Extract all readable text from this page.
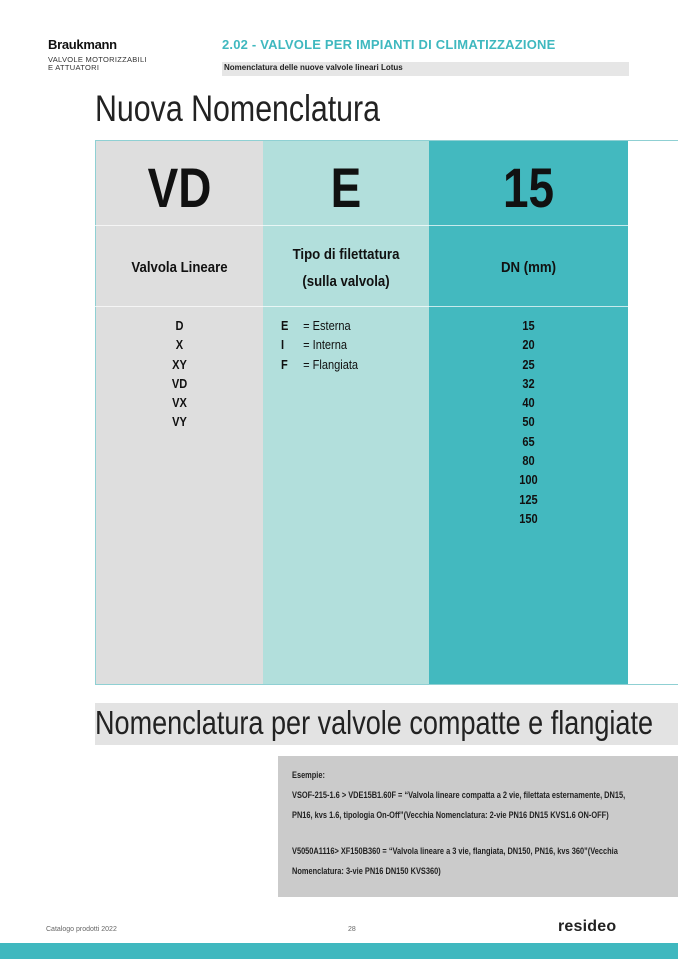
Braukmann
VALVOLE MOTORIZZABILI
E ATTUATORI
2.02 - VALVOLE PER IMPIANTI DI CLIMATIZZAZIONE
Nomenclatura delle nuove valvole lineari Lotus
Nuova Nomenclatura
VD
Valvola Lineare
D
X
XY
VD
VX
VY
E
Tipo di filettatura
(sulla valvola)
E = Esterna
I = Interna
F = Flangiata
15
DN (mm)
15
20
25
32
40
50
65
80
100
125
150
Nomenclatura per valvole compatte e flangiate
Esempie:
VSOF-215-1.6 > VDE15B1.60F = “Valvola lineare compatta a 2 vie, filettata esternamente, DN15,
PN16, kvs 1.6, tipologia On-Off”(Vecchia Nomenclatura: 2-vie PN16 DN15 KVS1.6 ON-OFF)
V5050A1116> XF150B360 = “Valvola lineare a 3 vie, flangiata, DN150, PN16, kvs 360”(Vecchia
Nomenclatura: 3-vie PN16 DN150 KVS360)
Catalogo prodotti 2022	28	resideo
